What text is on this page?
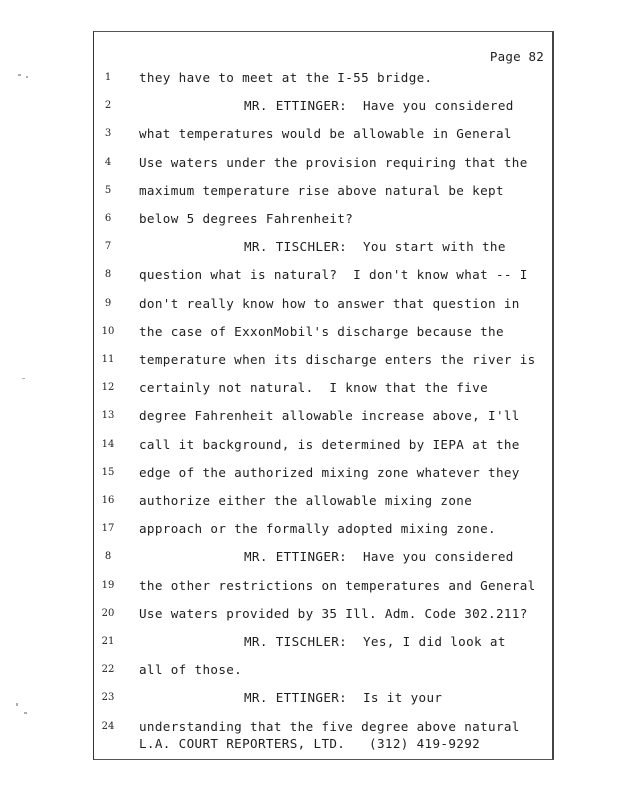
Page 82
1	they have to meet at the I-55 bridge.
2	MR. ETTINGER:  Have you considered
3	what temperatures would be allowable in General
4	Use waters under the provision requiring that the
5	maximum temperature rise above natural be kept
6	below 5 degrees Fahrenheit?
7	MR. TISCHLER:  You start with the
8	question what is natural?  I don't know what -- I
9	don't really know how to answer that question in
10	the case of ExxonMobil's discharge because the
11	temperature when its discharge enters the river is
12	certainly not natural.  I know that the five
13	degree Fahrenheit allowable increase above, I'll
14	call it background, is determined by IEPA at the
15	edge of the authorized mixing zone whatever they
16	authorize either the allowable mixing zone
17	approach or the formally adopted mixing zone.
8	MR. ETTINGER:  Have you considered
19	the other restrictions on temperatures and General
20	Use waters provided by 35 Ill. Adm. Code 302.211?
21	MR. TISCHLER:  Yes, I did look at
22	all of those.
23	MR. ETTINGER:  Is it your
24	understanding that the five degree above natural
L.A. COURT REPORTERS, LTD.   (312) 419-9292
